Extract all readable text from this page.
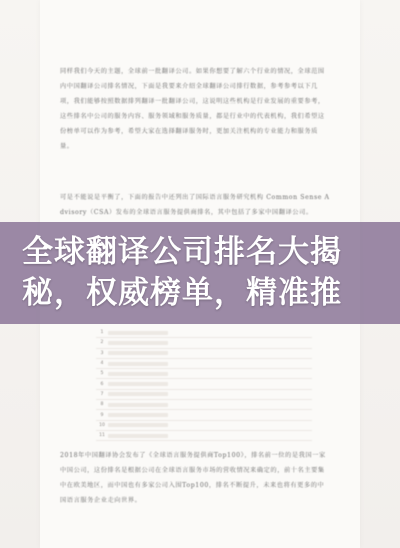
同样我们今天的主题，全球前一批翻译公司。如果你想要了解六个行业的情况，全球范围内中国翻译公司排名情况，下面是我要来介绍全球翻译公司排行数据，参考参考以下几项，我们能够按照数据排列翻译一批翻译公司，这说明这些机构是行业发展的重要参考，这些排名中公司的服务内容、服务领域和服务质量，都是行业中的代表机构，我们希望这份榜单可以作为参考，希望大家在选择翻译服务时，更加关注机构的专业能力和服务质量。
可是不能说是平衡了，下面的报告中还列出了国际语言服务研究机构 Common Sense Advisory（CSA）发布的全球语言服务提供商排名，其中包括了多家中国翻译公司。
1
2
3
4
5
6
7
8
9
10
11
2018年中国翻译协会发布了《全球语言服务提供商Top100》，排名前一位的是我国一家中国公司，这份排名是根据公司在全球语言服务市场的营收情况来确定的，前十名主要集中在欧美地区，而中国也有多家公司入围Top100，排名不断提升，未来也将有更多的中国语言服务企业走向世界。
全球翻译公司排名大揭
秘，权威榜单，精准推
